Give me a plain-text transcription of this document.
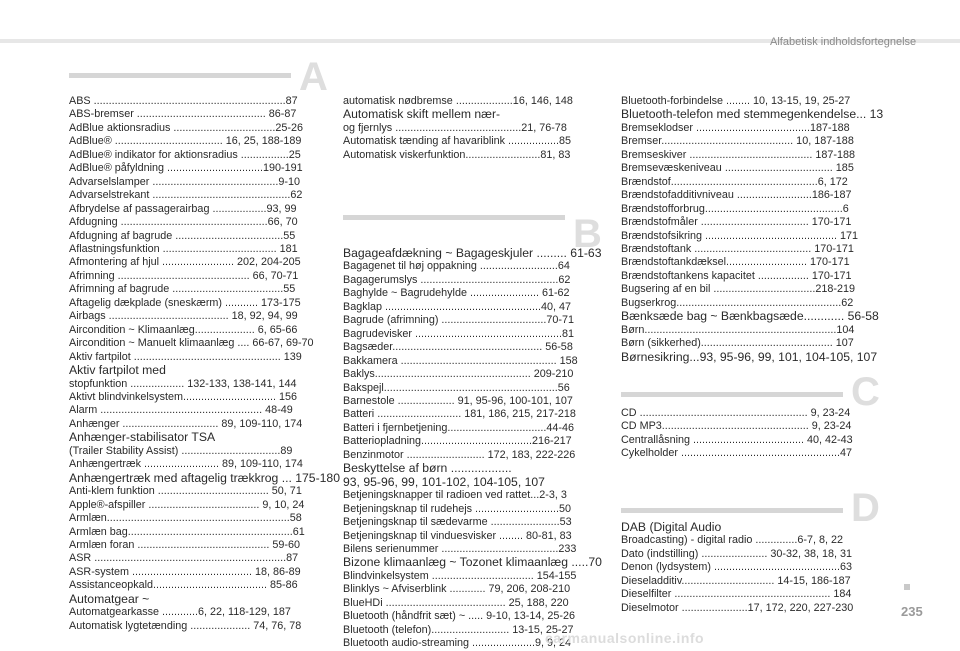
Alfabetisk indholdsfortegnelse
A
B
C
D
ABS ................................................................87
ABS-bremser ........................................... 86-87
AdBlue aktionsradius ..................................25-26
AdBlue® .................................... 16, 25, 188-189
AdBlue® indikator for aktionsradius ................25
AdBlue® påfyldning ................................190-191
Advarselslamper ..........................................9-10
Advarselstrekant ..............................................62
Afbrydelse af passagerairbag ..................93, 99
Afdugning .................................................66, 70
Afdugning af bagrude ....................................55
Aflastningsfunktion ...................................... 181
Afmontering af hjul ........................ 202, 204-205
Afrimning ............................................ 66, 70-71
Afrimning af bagrude .....................................55
Aftagelig dækplade (sneskærm) ........... 173-175
Airbags ........................................ 18, 92, 94, 99
Aircondition ~ Klimaanlæg.................... 6, 65-66
Aircondition ~ Manuelt klimaanlæg .... 66-67, 69-70
Aktiv fartpilot ................................................. 139
Aktiv fartpilot med
stopfunktion .................. 132-133, 138-141, 144
Aktivt blindvinkelsystem............................... 156
Alarm ...................................................... 48-49
Anhænger ................................ 89, 109-110, 174
Anhænger-stabilisator TSA
(Trailer Stability Assist) .................................89
Anhængertræk ......................... 89, 109-110, 174
Anhængertræk med aftagelig trækkrog ... 175-180
Anti-klem funktion ..................................... 50, 71
Apple®-afspiller ..................................... 9, 10, 24
Armlæn.............................................................58
Armlæn bag.......................................................61
Armlæn foran ............................................ 59-60
ASR ................................................................87
ASR-system ........................................ 18, 86-89
Assistanceopkald...................................... 85-86
Automatgear ~
Automatgearkasse ............6, 22, 118-129, 187
Automatisk lygtetænding .................... 74, 76, 78
automatisk nødbremse ...................16, 146, 148
Automatisk skift mellem nær-
og fjernlys ..........................................21, 76-78
Automatisk tænding af havariblink .................85
Automatisk viskerfunktion.........................81, 83
Bagageafdækning ~ Bagageskjuler ......... 61-63
Bagagenet til høj oppakning ..........................64
Bagagerumslys ..............................................62
Baghylde ~ Bagrudehylde ....................... 61-62
Bagklap ....................................................40, 47
Bagrude (afrimning) ...................................70-71
Bagrudevisker .................................................81
Bagsæder.................................................. 56-58
Bakkamera .................................................... 158
Baklys.................................................... 209-210
Bakspejl..........................................................56
Barnestole ................... 91, 95-96, 100-101, 107
Batteri ............................ 181, 186, 215, 217-218
Batteri i fjernbetjening.................................44-46
Batteriopladning.....................................216-217
Benzinmotor .......................... 172, 183, 222-226
Beskyttelse af børn ..................
93, 95-96, 99, 101-102, 104-105, 107
Betjeningsknapper til radioen ved rattet...2-3, 3
Betjeningsknap til rudehejs ............................50
Betjeningsknap til sædevarme .......................53
Betjeningsknap til vinduesvisker ........ 80-81, 83
Bilens serienummer .......................................233
Bizone klimaanlæg ~ Tozonet klimaanlæg .....70
Blindvinkelsystem .................................. 154-155
Blinklys ~ Afviserblink ............ 79, 206, 208-210
BlueHDi ........................................ 25, 188, 220
Bluetooth (håndfrit sæt) ~ ..... 9-10, 13-14, 25-26
Bluetooth (telefon).......................... 13-15, 25-27
Bluetooth audio-streaming .....................9, 9, 24
Bluetooth-forbindelse ........ 10, 13-15, 19, 25-27
Bluetooth-telefon med stemmegenkendelse... 13
Bremseklodser ......................................187-188
Bremser............................................ 10, 187-188
Bremseskiver ......................................... 187-188
Bremsevæskeniveau .................................... 185
Brændstof.................................................6, 172
Brændstofadditivniveau .........................186-187
Brændstofforbrug..............................................6
Brændstofmåler .................................... 170-171
Brændstofsikring ............................................ 171
Brændstoftank ....................................... 170-171
Brændstoftankdæksel........................... 170-171
Brændstoftankens kapacitet ................. 170-171
Bugsering af en bil ..................................218-219
Bugserkrog.......................................................62
Bænksæde bag ~ Bænkbagsæde............ 56-58
Børn................................................................104
Børn (sikkerhed)............................................ 107
Børnesikring...93, 95-96, 99, 101, 104-105, 107
CD ........................................................ 9, 23-24
CD MP3................................................. 9, 23-24
Centrallåsning ..................................... 40, 42-43
Cykelholder .....................................................47
DAB (Digital Audio
Broadcasting) - digital radio ..............6-7, 8, 22
Dato (indstilling) ...................... 30-32, 38, 18, 31
Denon (lydsystem) ..........................................63
Dieseladditiv............................... 14-15, 186-187
Dieselfilter .................................................... 184
Dieselmotor ......................17, 172, 220, 227-230	235
carmanualsonline.info
